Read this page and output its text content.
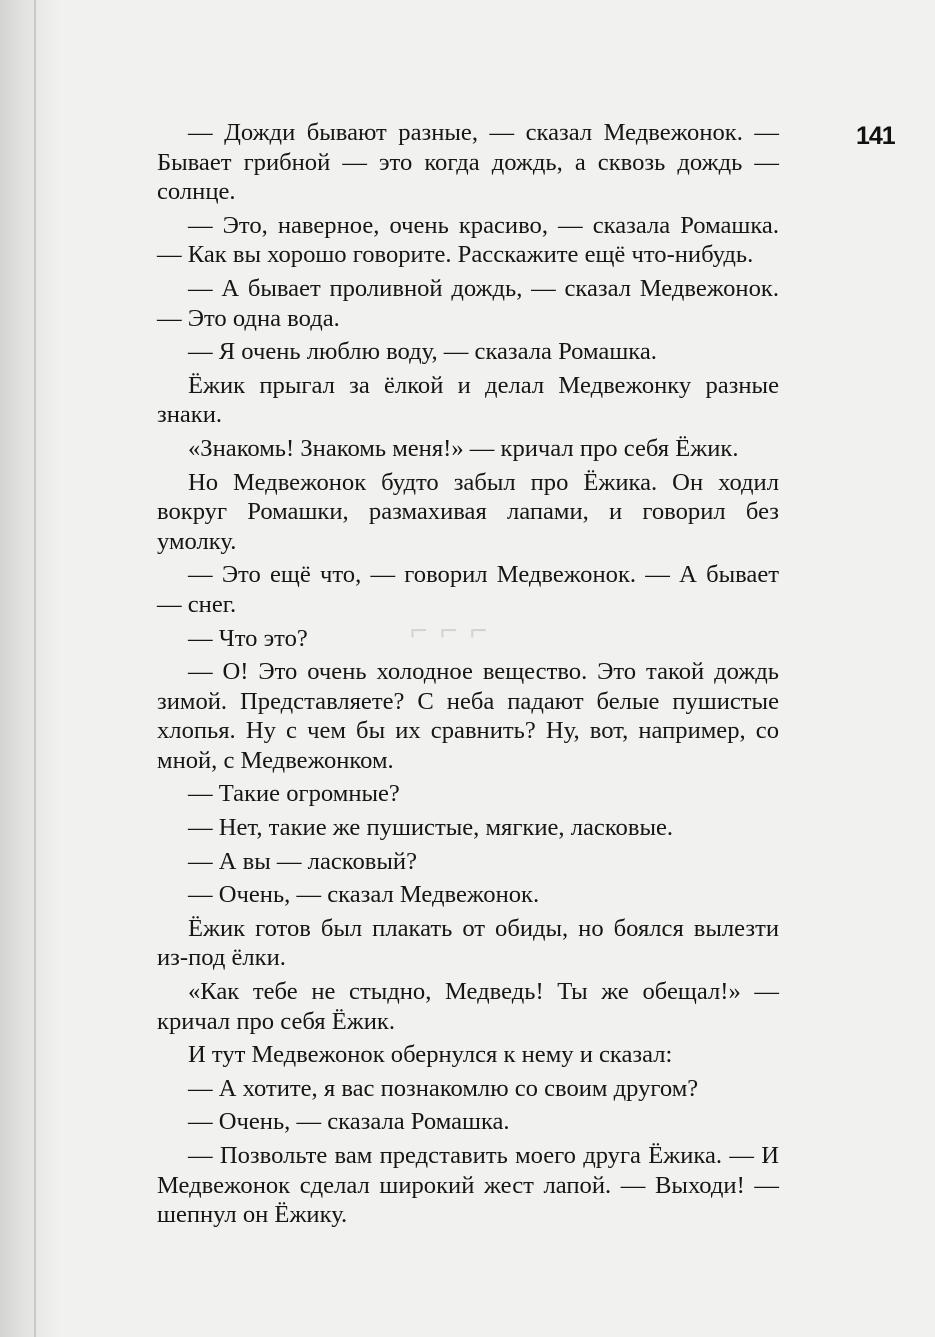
⌐ ⌐ ⌐
141

— Дожди бывают разные, — сказал Медвежонок. — Бывает грибной — это когда дождь, а сквозь дождь — солнце.

— Это, наверное, очень красиво, — сказала Ромашка. — Как вы хорошо говорите. Расскажите ещё что-нибудь.

— А бывает проливной дождь, — сказал Медвежонок. — Это одна вода.

— Я очень люблю воду, — сказала Ромашка.

Ёжик прыгал за ёлкой и делал Медвежонку разные знаки.

«Знакомь! Знакомь меня!» — кричал про себя Ёжик.

Но Медвежонок будто забыл про Ёжика. Он ходил вокруг Ромашки, размахивая лапами, и говорил без умолку.

— Это ещё что, — говорил Медвежонок. — А бывает — снег.

— Что это?

— О! Это очень холодное вещество. Это такой дождь зимой. Представляете? С неба падают белые пушистые хлопья. Ну с чем бы их сравнить? Ну, вот, например, со мной, с Медвежонком.

— Такие огромные?

— Нет, такие же пушистые, мягкие, ласковые.

— А вы — ласковый?

— Очень, — сказал Медвежонок.

Ёжик готов был плакать от обиды, но боялся вылезти из-под ёлки.

«Как тебе не стыдно, Медведь! Ты же обещал!» — кричал про себя Ёжик.

И тут Медвежонок обернулся к нему и сказал:

— А хотите, я вас познакомлю со своим другом?

— Очень, — сказала Ромашка.

— Позвольте вам представить моего друга Ёжика. — И Медвежонок сделал широкий жест лапой. — Выходи! — шепнул он Ёжику.
